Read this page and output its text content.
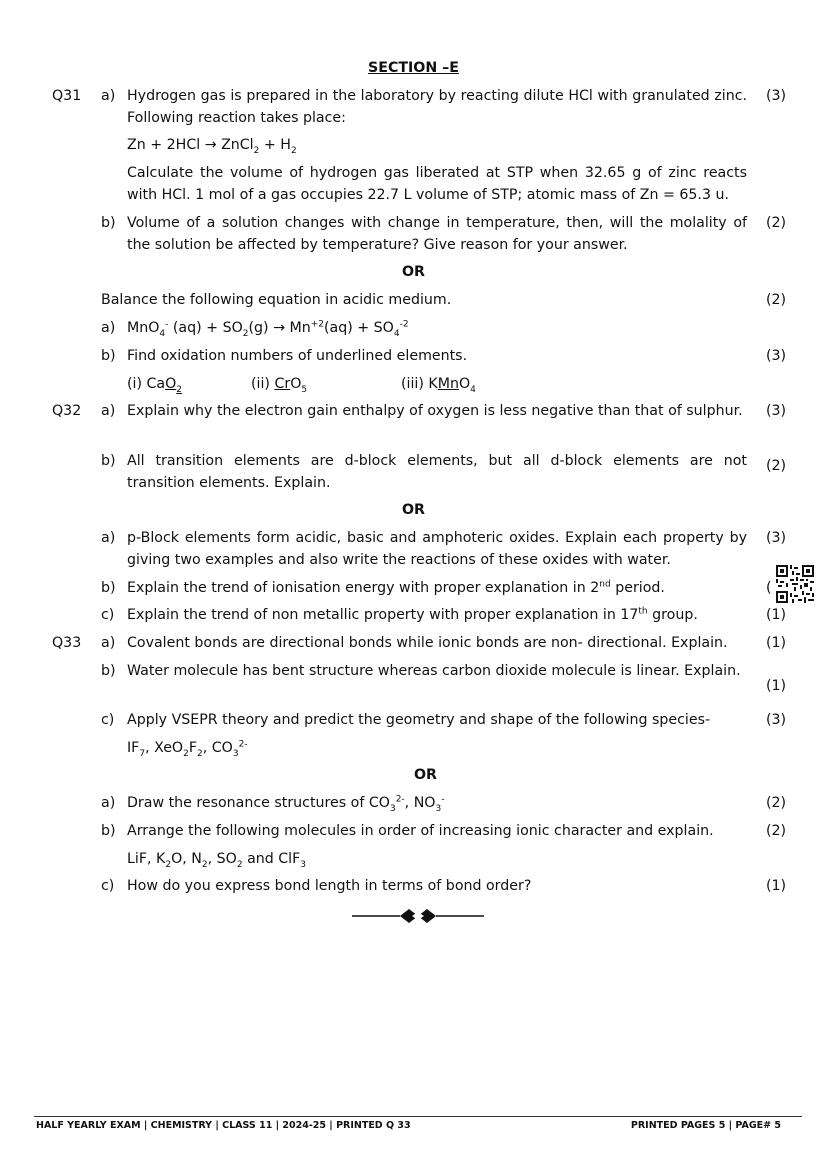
SECTION –E
Q31 a) Hydrogen gas is prepared in the laboratory by reacting dilute HCl with granulated zinc. Following reaction takes place:
(3)
Zn + 2HCl → ZnCl$_2$ + $H_2$
Calculate the volume of hydrogen gas liberated at STP when 32.65 g of zinc reacts with HCl. 1 mol of a gas occupies 22.7 L volume of STP; atomic mass of Zn = 65.3 u.
b) Volume of a solution changes with change in temperature, then, will the molality of the solution be affected by temperature? Give reason for your answer.
(2)
OR
Balance the following equation in acidic medium.	(2)
a) MnO$_4$- $(aq) + SO_2(g) \to Mn^{+2}(aq) + SO_4^{-2}$
b) Find oxidation numbers of underlined elements.	(3)
(i) CaO$_2$	(ii) CrO$_5$	(iii) KMnO$_4$
Q32 a) Explain why the electron gain enthalpy of oxygen is less negative than that of sulphur.	(3)
b) All transition elements are d-block elements, but all d-block elements are not transition elements. Explain.
(2)
OR
a) p-Block elements form acidic, basic and amphoteric oxides. Explain each property by giving two examples and also write the reactions of these oxides with water.
(3)
b) Explain the trend of ionisation energy with proper explanation in 2nd period.	(
c) Explain the trend of non metallic property with proper explanation in 17th group.	(1)
Q33 a) Covalent bonds are directional bonds while ionic bonds are non- directional. Explain.	(1)
b) Water molecule has bent structure whereas carbon dioxide molecule is linear. Explain.
(1)
c) Apply VSEPR theory and predict the geometry and shape of the following species-	(3)
$IF_7$, $XeO_2F_2$, $CO_3^{2-}$
OR
a) Draw the resonance structures of $CO_3^{2-}$, $NO_3^-$	(2)
b) Arrange the following molecules in order of increasing ionic character and explain.	(2)
LiF, $K_2O$, $N_2$, $SO_2$ and ClF$_3$
c) How do you express bond length in terms of bond order?	(1)
HALF YEARLY EXAM | CHEMISTRY | CLASS 11 | 2024-25 | PRINTED Q 33	PRINTED PAGES 5 | PAGE# 5
